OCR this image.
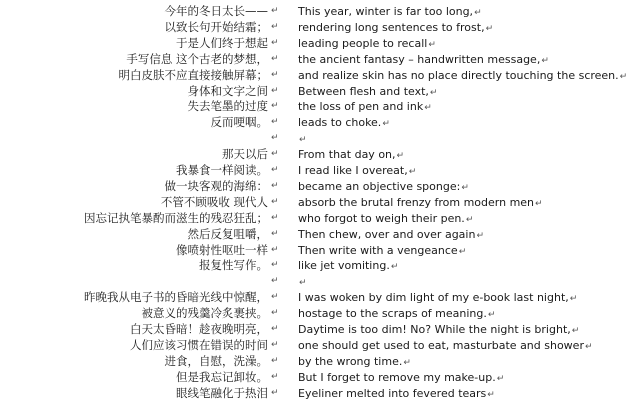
今年的冬日太长—— ↵ This year, winter is far too long,↵
以致长句开始结霜； ↵ rendering long sentences to frost,↵
于是人们终于想起 ↵ leading people to recall↵
手写信息 这个古老的梦想， ↵ the ancient fantasy – handwritten message,↵
明白皮肤不应直接接触屏幕； ↵ and realize skin has no place directly touching the screen.↵
身体和文字之间 ↵ Between flesh and text,↵
失去笔墨的过度 ↵ the loss of pen and ink↵
反而哽咽。 ↵ leads to choke.↵
↵ ↵
那天以后 ↵ From that day on,↵
我暴食一样阅读。 ↵ I read like I overeat,↵
做一块客观的海绵： ↵ became an objective sponge:↵
不管不顾吸收 现代人 ↵ absorb the brutal frenzy from modern men↵
因忘记执笔暴酌而滋生的残忍狂乱； ↵ who forgot to weigh their pen.↵
然后反复咀嚼， ↵ Then chew, over and over again↵
像喷射性呕吐一样 ↵ Then write with a vengeance↵
报复性写作。 ↵ like jet vomiting.↵
↵ ↵
昨晚我从电子书的昏暗光线中惊醒， ↵ I was woken by dim light of my e-book last night,↵
被意义的残羹冷炙裹挟。 ↵ hostage to the scraps of meaning.↵
白天太昏暗！趁夜晚明亮， ↵ Daytime is too dim! No? While the night is bright,↵
人们应该习惯在错误的时间 ↵ one should get used to eat, masturbate and shower↵
进食，自慰，洗澡。 ↵ by the wrong time.↵
但是我忘记卸妆。 ↵ But I forget to remove my make-up.↵
眼线笔融化于热泪 ↵ Eyeliner melted into fevered tears↵
